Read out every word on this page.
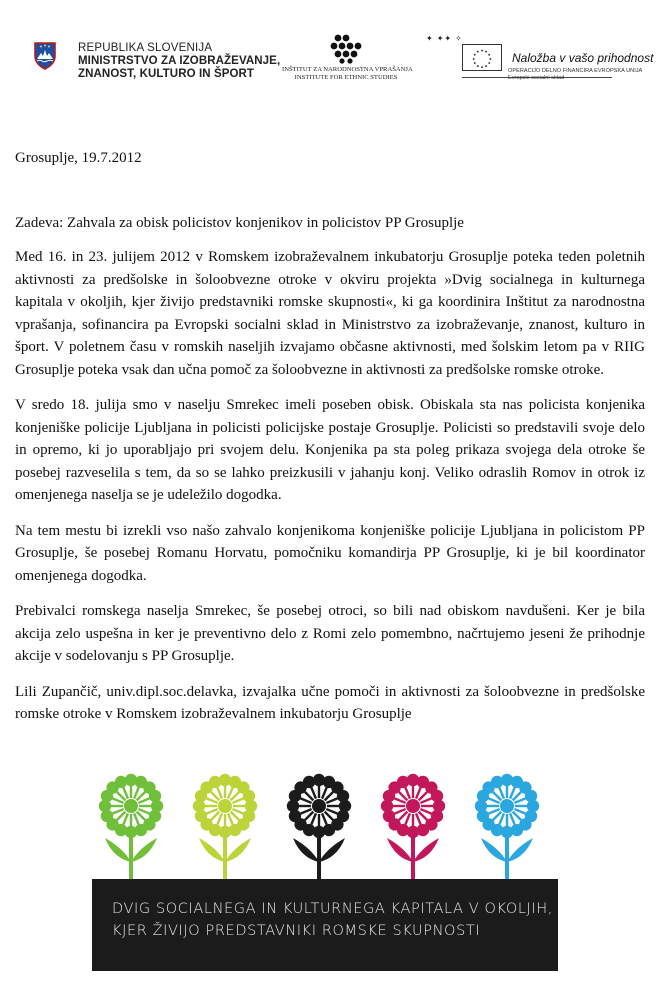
REPUBLIKA SLOVENIJA
MINISTRSTVO ZA IZOBRAŽEVANJE,
ZNANOST, KULTURO IN ŠPORT	INŠTITUT ZA NARODNOSTNA VPRAŠANJA
INSTITUTE FOR ETHNIC STUDIES
✦ ✦✦ ✧
Naložba v vašo prihodnost
OPERACIJO DELNO FINANCIRA EVROPSKA UNIJA
Evropski socialni sklad
Grosuplje, 19.7.2012
Zadeva: Zahvala za obisk policistov konjenikov in policistov PP Grosuplje

Med 16. in 23. julijem 2012 v Romskem izobraževalnem inkubatorju Grosuplje poteka teden poletnih aktivnosti za predšolske in šoloobvezne otroke v okviru projekta »Dvig socialnega in kulturnega kapitala v okoljih, kjer živijo predstavniki romske skupnosti«, ki ga koordinira Inštitut za narodnostna vprašanja, sofinancira pa Evropski socialni sklad in Ministrstvo za izobraževanje, znanost, kulturo in šport. V poletnem času v romskih naseljih izvajamo občasne aktivnosti, med šolskim letom pa v RIIG Grosuplje poteka vsak dan učna pomoč za šoloobvezne in aktivnosti za predšolske romske otroke.

V sredo 18. julija smo v naselju Smrekec imeli poseben obisk. Obiskala sta nas policista konjenika konjeniške policije Ljubljana in policisti policijske postaje Grosuplje. Policisti so predstavili svoje delo in opremo, ki jo uporabljajo pri svojem delu. Konjenika pa sta poleg prikaza svojega dela otroke še posebej razveselila s tem, da so se lahko preizkusili v jahanju konj. Veliko odraslih Romov in otrok iz omenjenega naselja se je udeležilo dogodka.

Na tem mestu bi izrekli vso našo zahvalo konjenikoma konjeniške policije Ljubljana in policistom PP Grosuplje, še posebej Romanu Horvatu, pomočniku komandirja PP Grosuplje, ki je bil koordinator omenjenega dogodka.

Prebivalci romskega naselja Smrekec, še posebej otroci, so bili nad obiskom navdušeni. Ker je bila akcija zelo uspešna in ker je preventivno delo z Romi zelo pomembno, načrtujemo jeseni že prihodnje akcije v sodelovanju s PP Grosuplje.

Lili Zupančič, univ.dipl.soc.delavka, izvajalka učne pomoči in aktivnosti za šoloobvezne in predšolske romske otroke v Romskem izobraževalnem inkubatorju Grosuplje

DVIG SOCIALNEGA IN KULTURNEGA KAPITALA V OKOLJIH,
KJER ŽIVIJO PREDSTAVNIKI ROMSKE SKUPNOSTI
